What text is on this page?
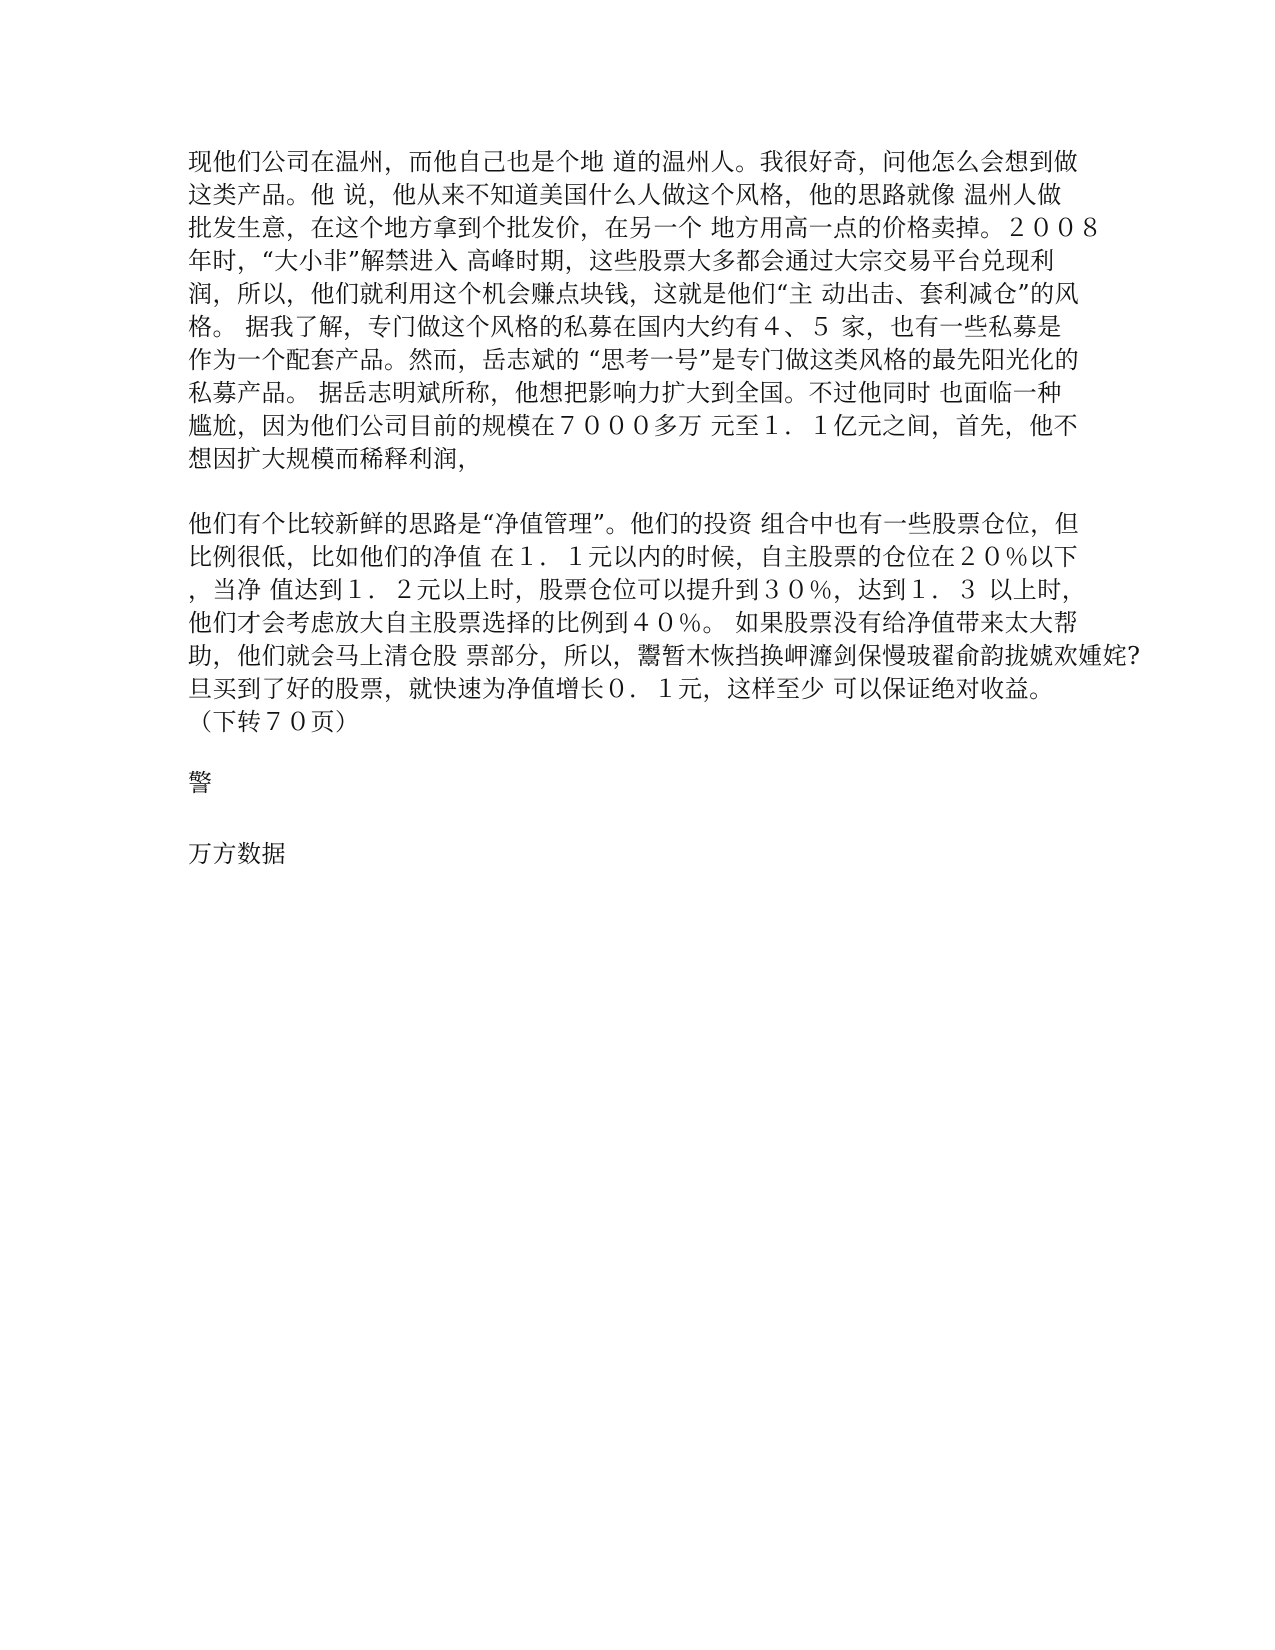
现他们公司在温州，而他自己也是个地 道的温州人。我很好奇，问他怎么会想到做
这类产品。他 说，他从来不知道美国什么人做这个风格，他的思路就像 温州人做
批发生意，在这个地方拿到个批发价，在另一个 地方用高一点的价格卖掉。２００８
年时，“大小非”解禁进入 高峰时期，这些股票大多都会通过大宗交易平台兑现利
润，所以，他们就利用这个机会赚点块钱，这就是他们“主 动出击、套利减仓”的风
格。 据我了解，专门做这个风格的私募在国内大约有４、５ 家，也有一些私募是
作为一个配套产品。然而，岳志斌的 “思考一号”是专门做这类风格的最先阳光化的
私募产品。 据岳志明斌所称，他想把影响力扩大到全国。不过他同时 也面临一种
尴尬，因为他们公司目前的规模在７０００多万 元至１．１亿元之间，首先，他不
想因扩大规模而稀释利润，
他们有个比较新鲜的思路是“净值管理”。他们的投资 组合中也有一些股票仓位，但
比例很低，比如他们的净值 在１．１元以内的时候，自主股票的仓位在２０％以下
，当净 值达到１．２元以上时，股票仓位可以提升到３０％，达到１．３ 以上时，
他们才会考虑放大自主股票选择的比例到４０％。 如果股票没有给净值带来太大帮
助，他们就会马上清仓股 票部分，所以，鬻暂木恢挡换岬灖剑保慢玻翟俞韵拢婋欢媑姹?
旦买到了好的股票，就快速为净值增长０．１元，这样至少 可以保证绝对收益。
（下转７０页）
警
万方数据
